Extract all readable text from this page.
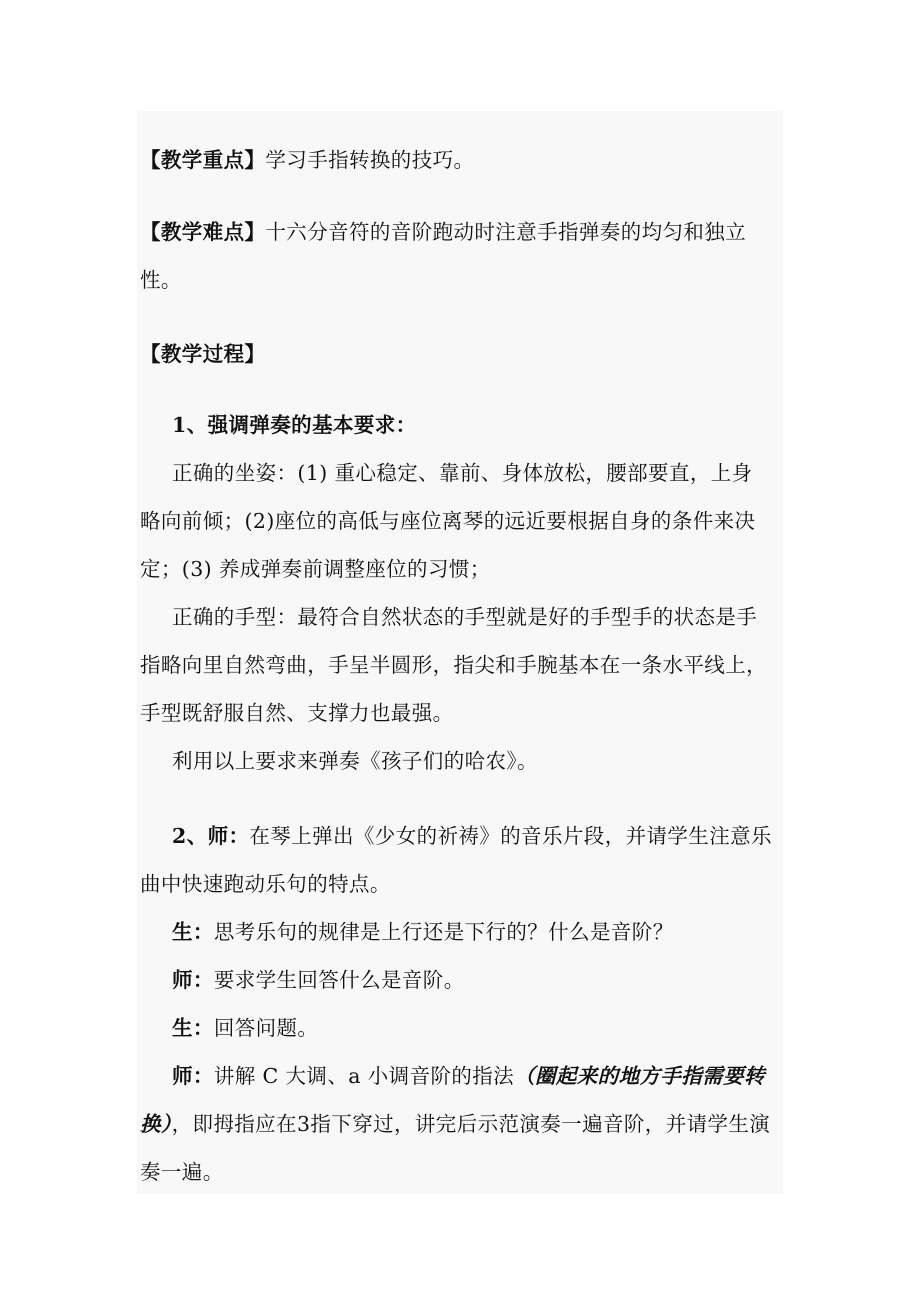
【教学重点】学习手指转换的技巧。
【教学难点】十六分音符的音阶跑动时注意手指弹奏的均匀和独立
性。
【教学过程】
1、强调弹奏的基本要求：
正确的坐姿：(1) 重心稳定、靠前、身体放松，腰部要直，上身
略向前倾；(2)座位的高低与座位离琴的远近要根据自身的条件来决
定；(3) 养成弹奏前调整座位的习惯；
正确的手型：最符合自然状态的手型就是好的手型手的状态是手
指略向里自然弯曲，手呈半圆形，指尖和手腕基本在一条水平线上，
手型既舒服自然、支撑力也最强。
利用以上要求来弹奏《孩子们的哈农》。
2、师：在琴上弹出《少女的祈祷》的音乐片段，并请学生注意乐
曲中快速跑动乐句的特点。
生：思考乐句的规律是上行还是下行的？什么是音阶？
师：要求学生回答什么是音阶。
生：回答问题。
师：讲解 C 大调、a 小调音阶的指法（圈起来的地方手指需要转
换），即拇指应在3指下穿过，讲完后示范演奏一遍音阶，并请学生演
奏一遍。
